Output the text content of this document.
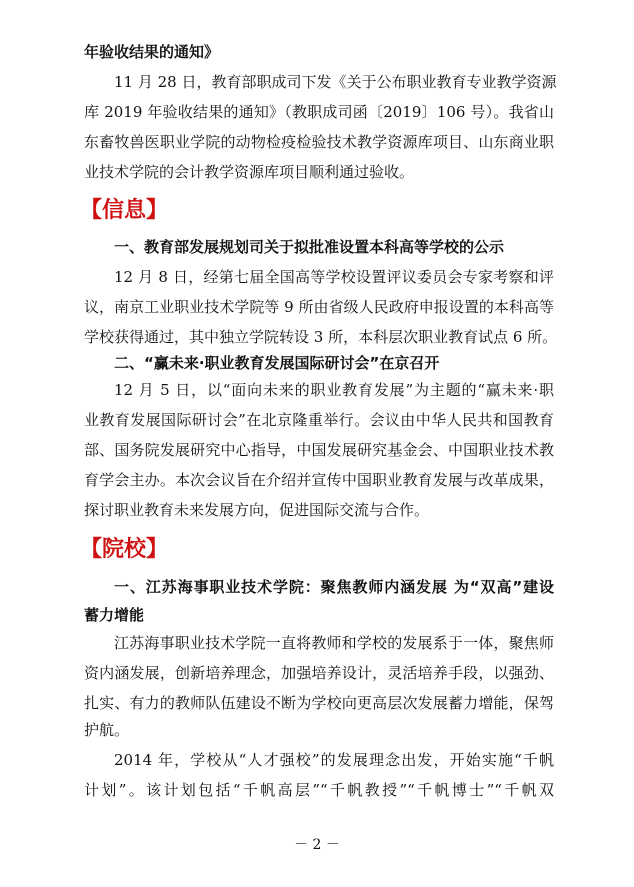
年验收结果的通知》
11 月 28 日，教育部职成司下发《关于公布职业教育专业教学资源
库 2019 年验收结果的通知》（教职成司函〔2019〕106 号）。我省山
东畜牧兽医职业学院的动物检疫检验技术教学资源库项目、山东商业职
业技术学院的会计教学资源库项目顺利通过验收。
【信息】
一、教育部发展规划司关于拟批准设置本科高等学校的公示
12 月 8 日，经第七届全国高等学校设置评议委员会专家考察和评
议，南京工业职业技术学院等 9 所由省级人民政府申报设置的本科高等
学校获得通过，其中独立学院转设 3 所，本科层次职业教育试点 6 所。
二、“赢未来·职业教育发展国际研讨会”在京召开
12 月 5 日，以“面向未来的职业教育发展”为主题的“赢未来·职
业教育发展国际研讨会”在北京隆重举行。会议由中华人民共和国教育
部、国务院发展研究中心指导，中国发展研究基金会、中国职业技术教
育学会主办。本次会议旨在介绍并宣传中国职业教育发展与改革成果，
探讨职业教育未来发展方向，促进国际交流与合作。
【院校】
一、江苏海事职业技术学院：聚焦教师内涵发展 为“双高”建设
蓄力增能
江苏海事职业技术学院一直将教师和学校的发展系于一体，聚焦师
资内涵发展，创新培养理念，加强培养设计，灵活培养手段，以强劲、
扎实、有力的教师队伍建设不断为学校向更高层次发展蓄力增能，保驾
护航。
2014 年，学校从“人才强校”的发展理念出发，开始实施“千帆
计划”。该计划包括“千帆高层”“千帆教授”“千帆博士”“千帆双
－ 2 －
